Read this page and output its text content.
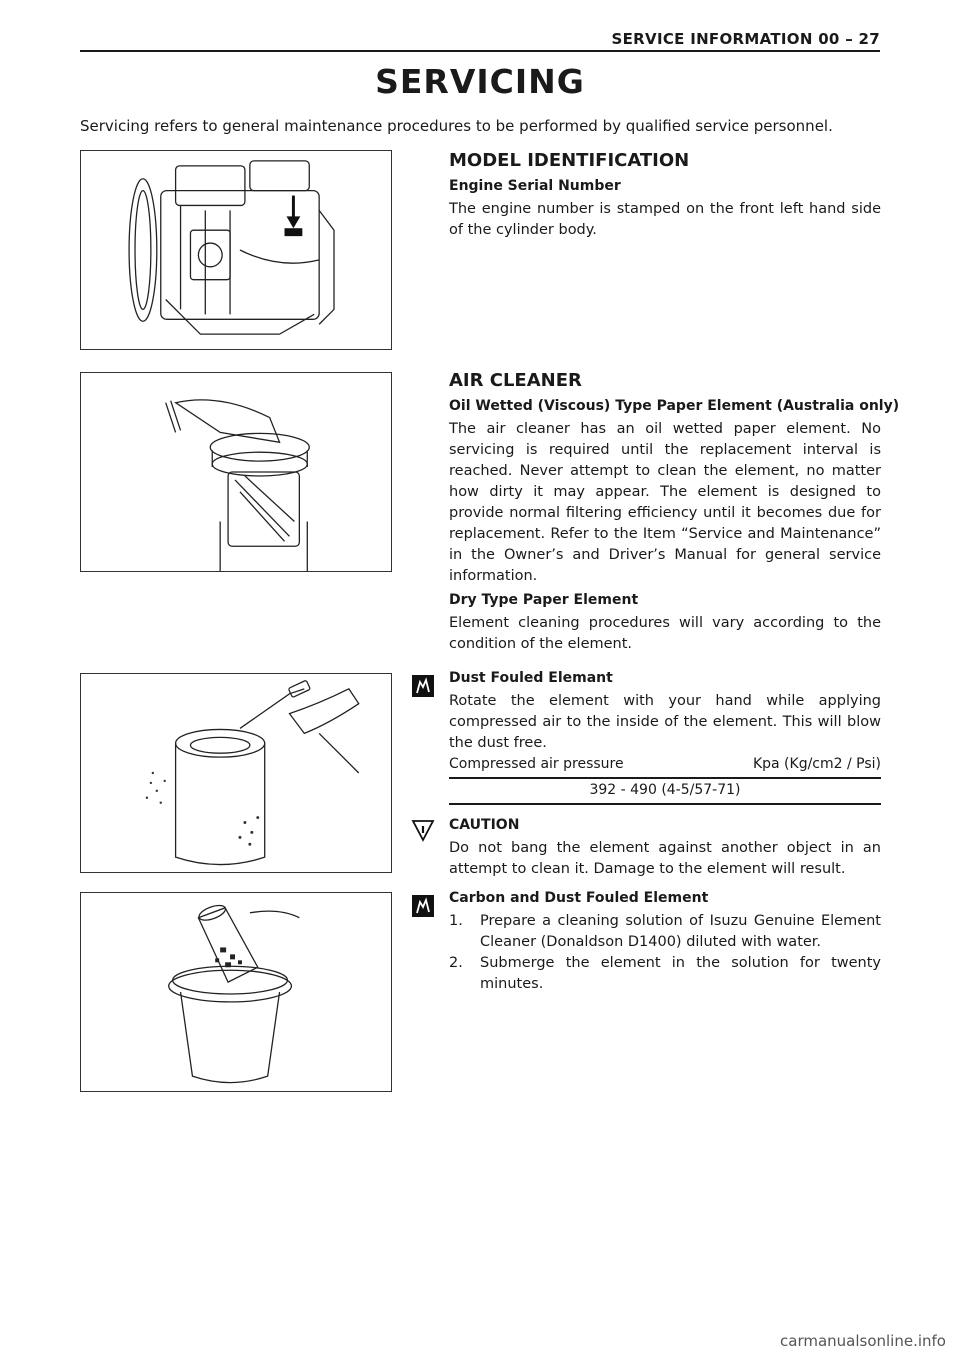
SERVICE INFORMATION 00 – 27
SERVICING
Servicing refers to general maintenance procedures to be performed by qualified service personnel.
MODEL IDENTIFICATION
Engine Serial Number
The engine number is stamped on the front left hand side of the cylinder body.
AIR CLEANER
Oil Wetted (Viscous) Type Paper Element (Australia only)
The air cleaner has an oil wetted paper element. No servicing is required until the replacement interval is reached. Never attempt to clean the element, no matter how dirty it may appear. The element is designed to provide normal filtering efficiency until it becomes due for replacement. Refer to the Item “Service and Maintenance” in the Owner’s and Driver’s Manual for general service information.
Dry Type Paper Element
Element cleaning procedures will vary according to the condition of the element.
Dust Fouled Elemant
Rotate the element with your hand while applying compressed air to the inside of the element. This will blow the dust free.
Compressed air pressure	Kpa (Kg/cm2 / Psi)
392 - 490 (4-5/57-71)
CAUTION
Do not bang the element against another object in an attempt to clean it. Damage to the element will result.
Carbon and Dust Fouled Element
1. Prepare a cleaning solution of Isuzu Genuine Element Cleaner (Donaldson D1400) diluted with water.
2. Submerge the element in the solution for twenty minutes.
carmanualsonline.info
